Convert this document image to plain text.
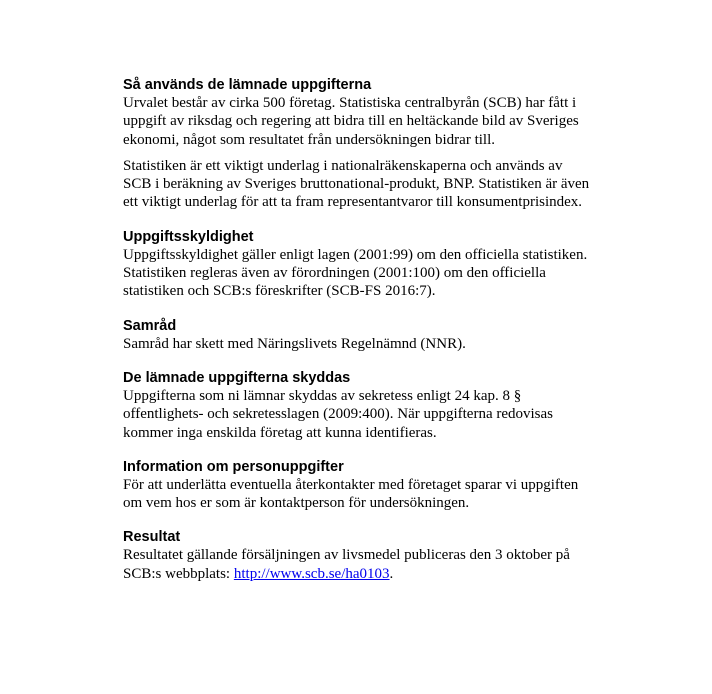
Så används de lämnade uppgifterna

Urvalet består av cirka 500 företag. Statistiska centralbyrån (SCB) har fått i uppgift av riksdag och regering att bidra till en heltäckande bild av Sveriges ekonomi, något som resultatet från undersökningen bidrar till.

Statistiken är ett viktigt underlag i nationalräkenskaperna och används av SCB i beräkning av Sveriges bruttonational-produkt, BNP. Statistiken är även ett viktigt underlag för att ta fram representantvaror till konsumentprisindex.

Uppgiftsskyldighet

Uppgiftsskyldighet gäller enligt lagen (2001:99) om den officiella statistiken. Statistiken regleras även av förordningen (2001:100) om den officiella statistiken och SCB:s föreskrifter (SCB-FS 2016:7).

Samråd

Samråd har skett med Näringslivets Regelnämnd (NNR).

De lämnade uppgifterna skyddas

Uppgifterna som ni lämnar skyddas av sekretess enligt 24 kap. 8 § offentlighets- och sekretesslagen (2009:400). När uppgifterna redovisas kommer inga enskilda företag att kunna identifieras.

Information om personuppgifter

För att underlätta eventuella återkontakter med företaget sparar vi uppgiften om vem hos er som är kontaktperson för undersökningen.

Resultat

Resultatet gällande försäljningen av livsmedel publiceras den 3 oktober på SCB:s webbplats: http://www.scb.se/ha0103.
